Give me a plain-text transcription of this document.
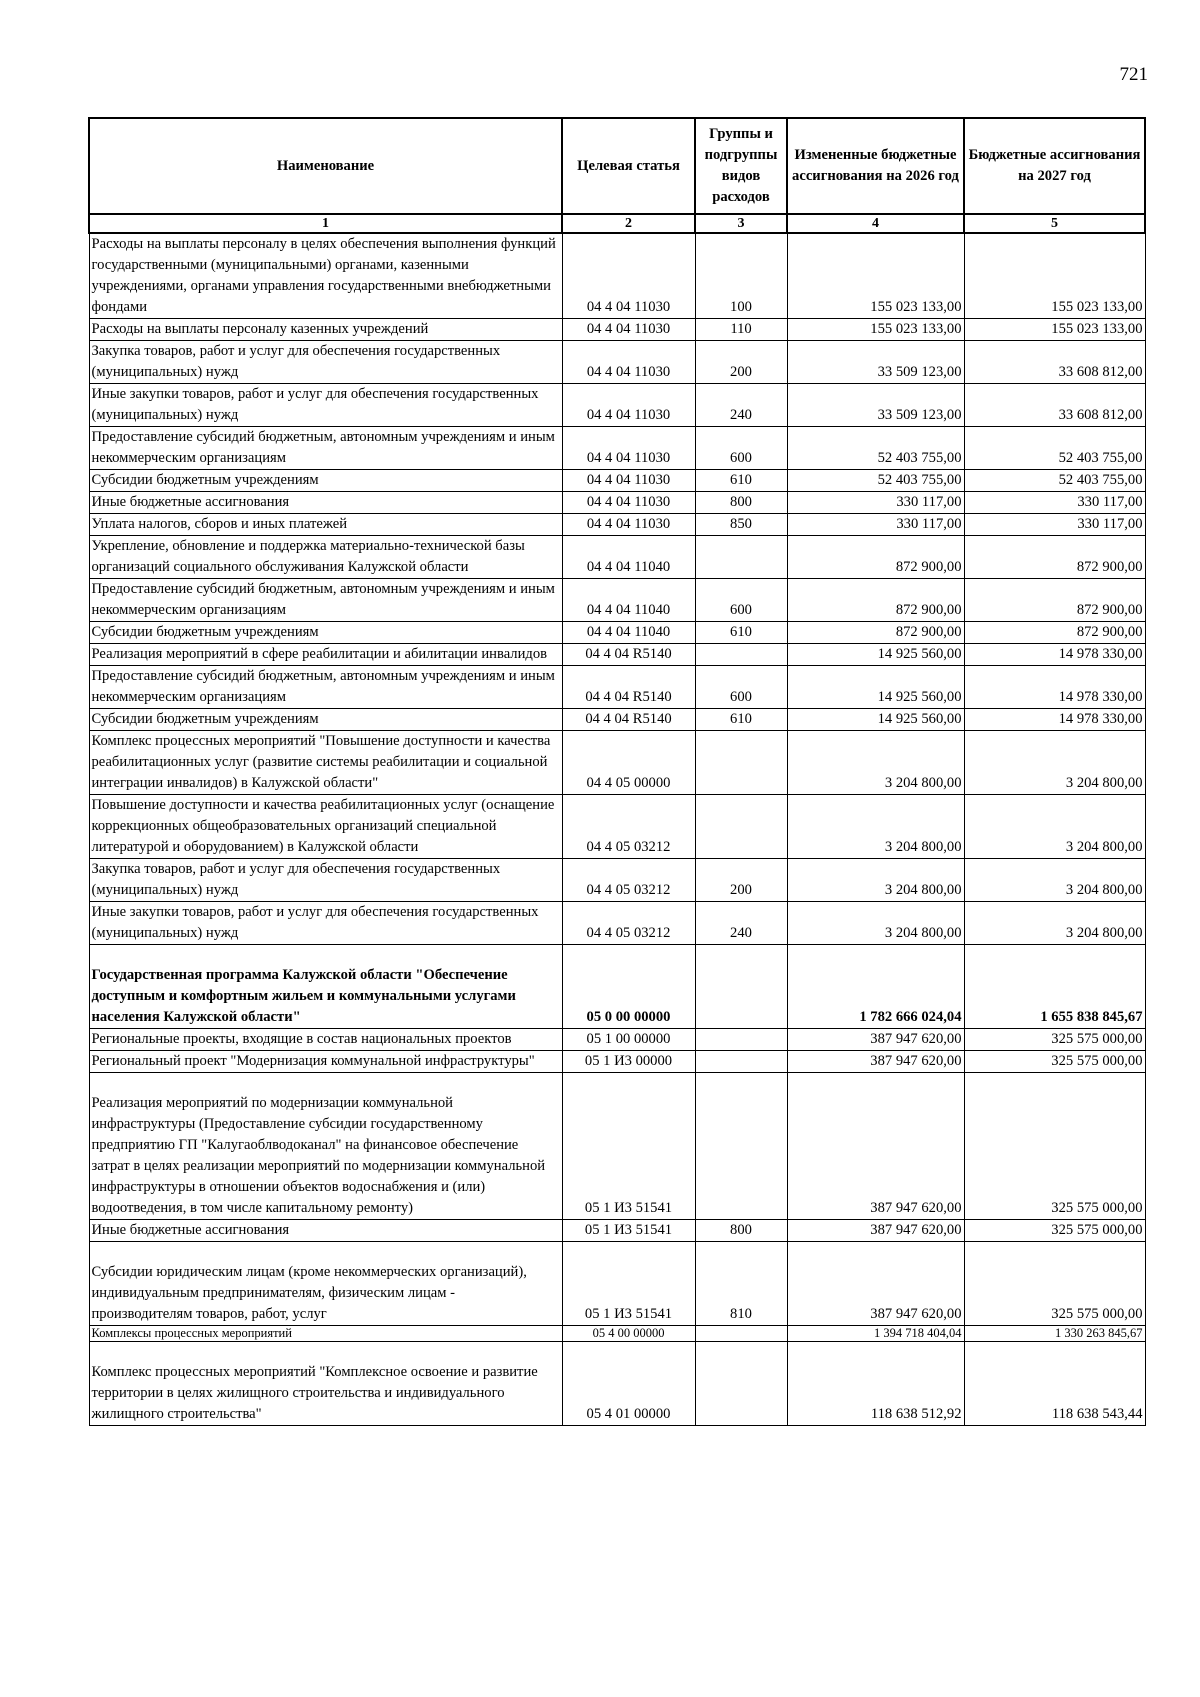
721
Наименование	Целевая статья	Группы и подгруппы видов расходов	Измененные бюджетные ассигнования на 2026 год	Бюджетные ассигнования на 2027 год
1	2	3	4	5
Расходы на выплаты персоналу в целях обеспечения выполнения функций государственными (муниципальными) органами, казенными учреждениями, органами управления государственными внебюджетными фондами	04 4 04 11030	100	155 023 133,00	155 023 133,00
Расходы на выплаты персоналу казенных учреждений	04 4 04 11030	110	155 023 133,00	155 023 133,00
Закупка товаров, работ и услуг для обеспечения государственных (муниципальных) нужд	04 4 04 11030	200	33 509 123,00	33 608 812,00
Иные закупки товаров, работ и услуг для обеспечения государственных (муниципальных) нужд	04 4 04 11030	240	33 509 123,00	33 608 812,00
Предоставление субсидий бюджетным, автономным учреждениям и иным некоммерческим организациям	04 4 04 11030	600	52 403 755,00	52 403 755,00
Субсидии бюджетным учреждениям	04 4 04 11030	610	52 403 755,00	52 403 755,00
Иные бюджетные ассигнования	04 4 04 11030	800	330 117,00	330 117,00
Уплата налогов, сборов и иных платежей	04 4 04 11030	850	330 117,00	330 117,00
Укрепление, обновление и поддержка материально-технической базы организаций социального обслуживания Калужской области	04 4 04 11040		872 900,00	872 900,00
Предоставление субсидий бюджетным, автономным учреждениям и иным некоммерческим организациям	04 4 04 11040	600	872 900,00	872 900,00
Субсидии бюджетным учреждениям	04 4 04 11040	610	872 900,00	872 900,00
Реализация мероприятий в сфере реабилитации и абилитации инвалидов	04 4 04 R5140		14 925 560,00	14 978 330,00
Предоставление субсидий бюджетным, автономным учреждениям и иным некоммерческим организациям	04 4 04 R5140	600	14 925 560,00	14 978 330,00
Субсидии бюджетным учреждениям	04 4 04 R5140	610	14 925 560,00	14 978 330,00
Комплекс процессных мероприятий "Повышение доступности и качества реабилитационных услуг (развитие системы реабилитации и социальной интеграции инвалидов) в Калужской области"	04 4 05 00000		3 204 800,00	3 204 800,00
Повышение доступности и качества реабилитационных услуг (оснащение коррекционных общеобразовательных организаций специальной литературой и оборудованием) в Калужской области	04 4 05 03212		3 204 800,00	3 204 800,00
Закупка товаров, работ и услуг для обеспечения государственных (муниципальных) нужд	04 4 05 03212	200	3 204 800,00	3 204 800,00
Иные закупки товаров, работ и услуг для обеспечения государственных (муниципальных) нужд	04 4 05 03212	240	3 204 800,00	3 204 800,00
Государственная программа Калужской области "Обеспечение доступным и комфортным жильем и коммунальными услугами населения Калужской области"	05 0 00 00000		1 782 666 024,04	1 655 838 845,67
Региональные проекты, входящие в состав национальных проектов	05 1 00 00000		387 947 620,00	325 575 000,00
Региональный проект "Модернизация коммунальной инфраструктуры"	05 1 И3 00000		387 947 620,00	325 575 000,00
Реализация мероприятий по модернизации коммунальной инфраструктуры (Предоставление субсидии государственному предприятию ГП "Калугаоблводоканал" на финансовое обеспечение затрат в целях реализации мероприятий по модернизации коммунальной инфраструктуры в отношении объектов водоснабжения и (или) водоотведения, в том числе капитальному ремонту)	05 1 И3 51541		387 947 620,00	325 575 000,00
Иные бюджетные ассигнования	05 1 И3 51541	800	387 947 620,00	325 575 000,00
Субсидии юридическим лицам (кроме некоммерческих организаций), индивидуальным предпринимателям, физическим лицам - производителям товаров, работ, услуг	05 1 И3 51541	810	387 947 620,00	325 575 000,00
Комплексы процессных мероприятий	05 4 00 00000		1 394 718 404,04	1 330 263 845,67
Комплекс процессных мероприятий "Комплексное освоение и развитие территории в целях жилищного строительства и индивидуального жилищного строительства"	05 4 01 00000		118 638 512,92	118 638 543,44
